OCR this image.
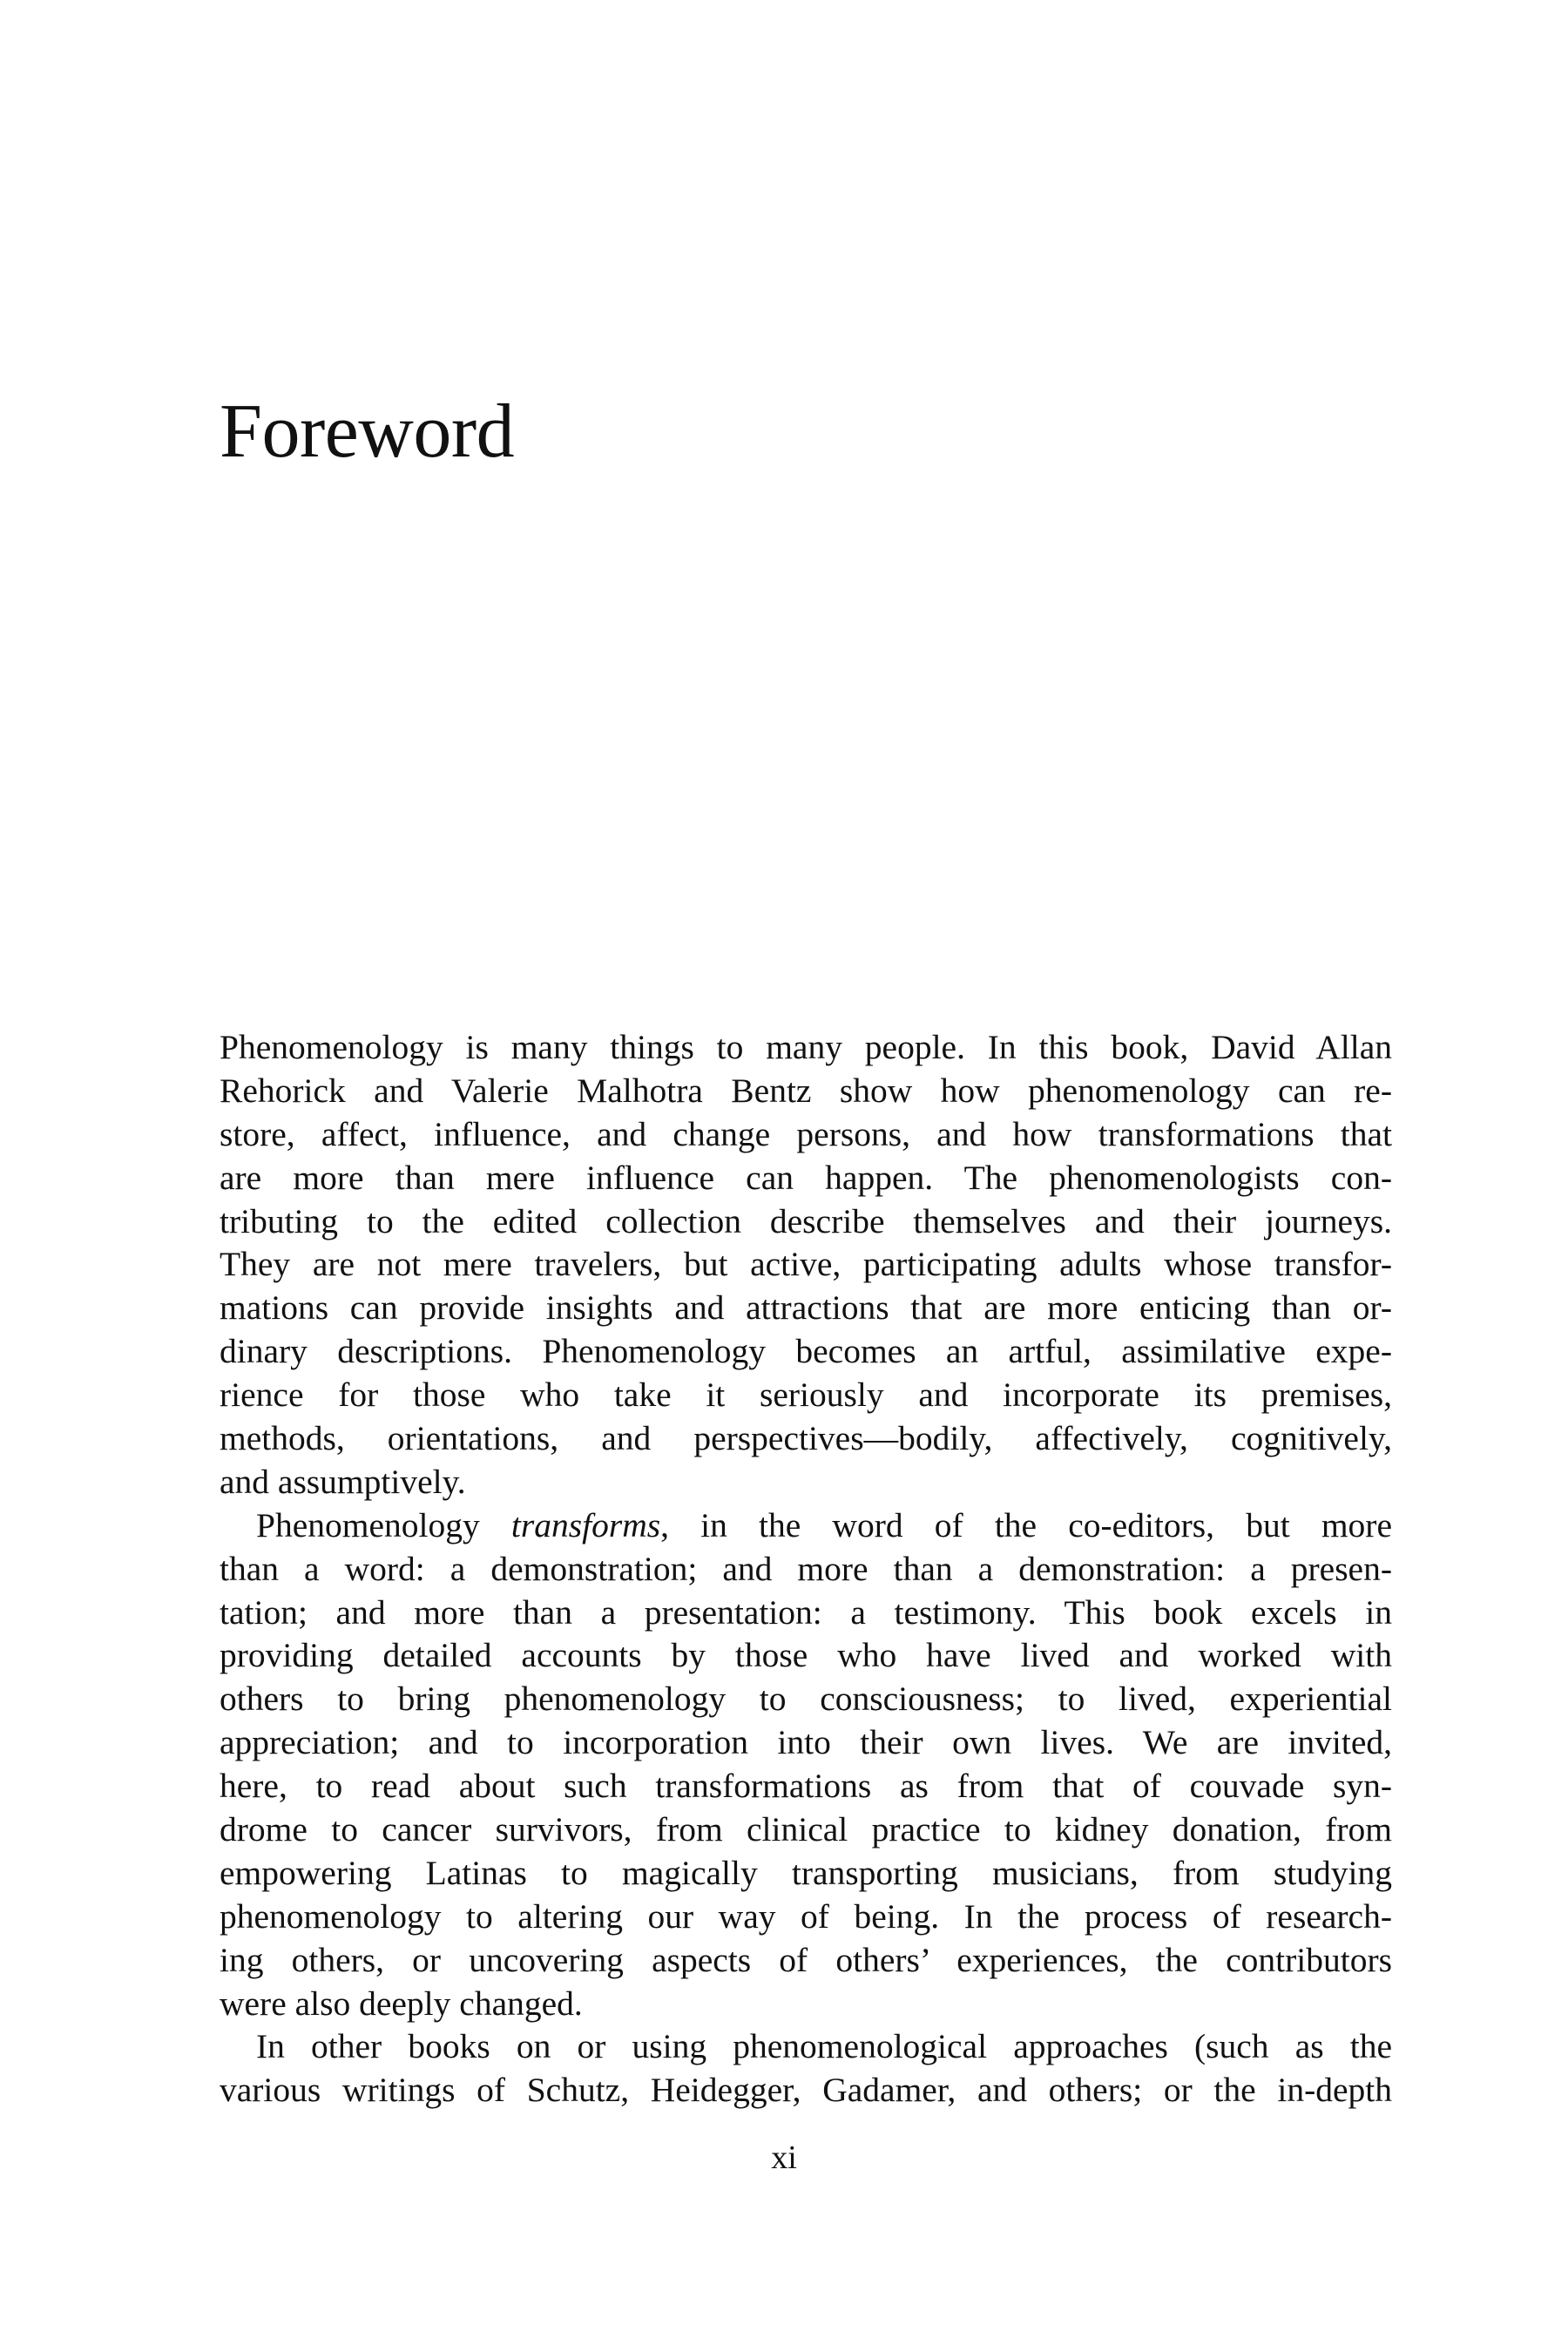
Foreword
Phenomenology is many things to many people. In this book, David Allan
Rehorick and Valerie Malhotra Bentz show how phenomenology can re-
store, affect, influence, and change persons, and how transformations that
are more than mere influence can happen. The phenomenologists con-
tributing to the edited collection describe themselves and their journeys.
They are not mere travelers, but active, participating adults whose transfor-
mations can provide insights and attractions that are more enticing than or-
dinary descriptions. Phenomenology becomes an artful, assimilative expe-
rience for those who take it seriously and incorporate its premises,
methods, orientations, and perspectives—bodily, affectively, cognitively,
and assumptively.
Phenomenology transforms, in the word of the co-editors, but more
than a word: a demonstration; and more than a demonstration: a presen-
tation; and more than a presentation: a testimony. This book excels in
providing detailed accounts by those who have lived and worked with
others to bring phenomenology to consciousness; to lived, experiential
appreciation; and to incorporation into their own lives. We are invited,
here, to read about such transformations as from that of couvade syn-
drome to cancer survivors, from clinical practice to kidney donation, from
empowering Latinas to magically transporting musicians, from studying
phenomenology to altering our way of being. In the process of research-
ing others, or uncovering aspects of others’ experiences, the contributors
were also deeply changed.
In other books on or using phenomenological approaches (such as the
various writings of Schutz, Heidegger, Gadamer, and others; or the in-depth
xi
